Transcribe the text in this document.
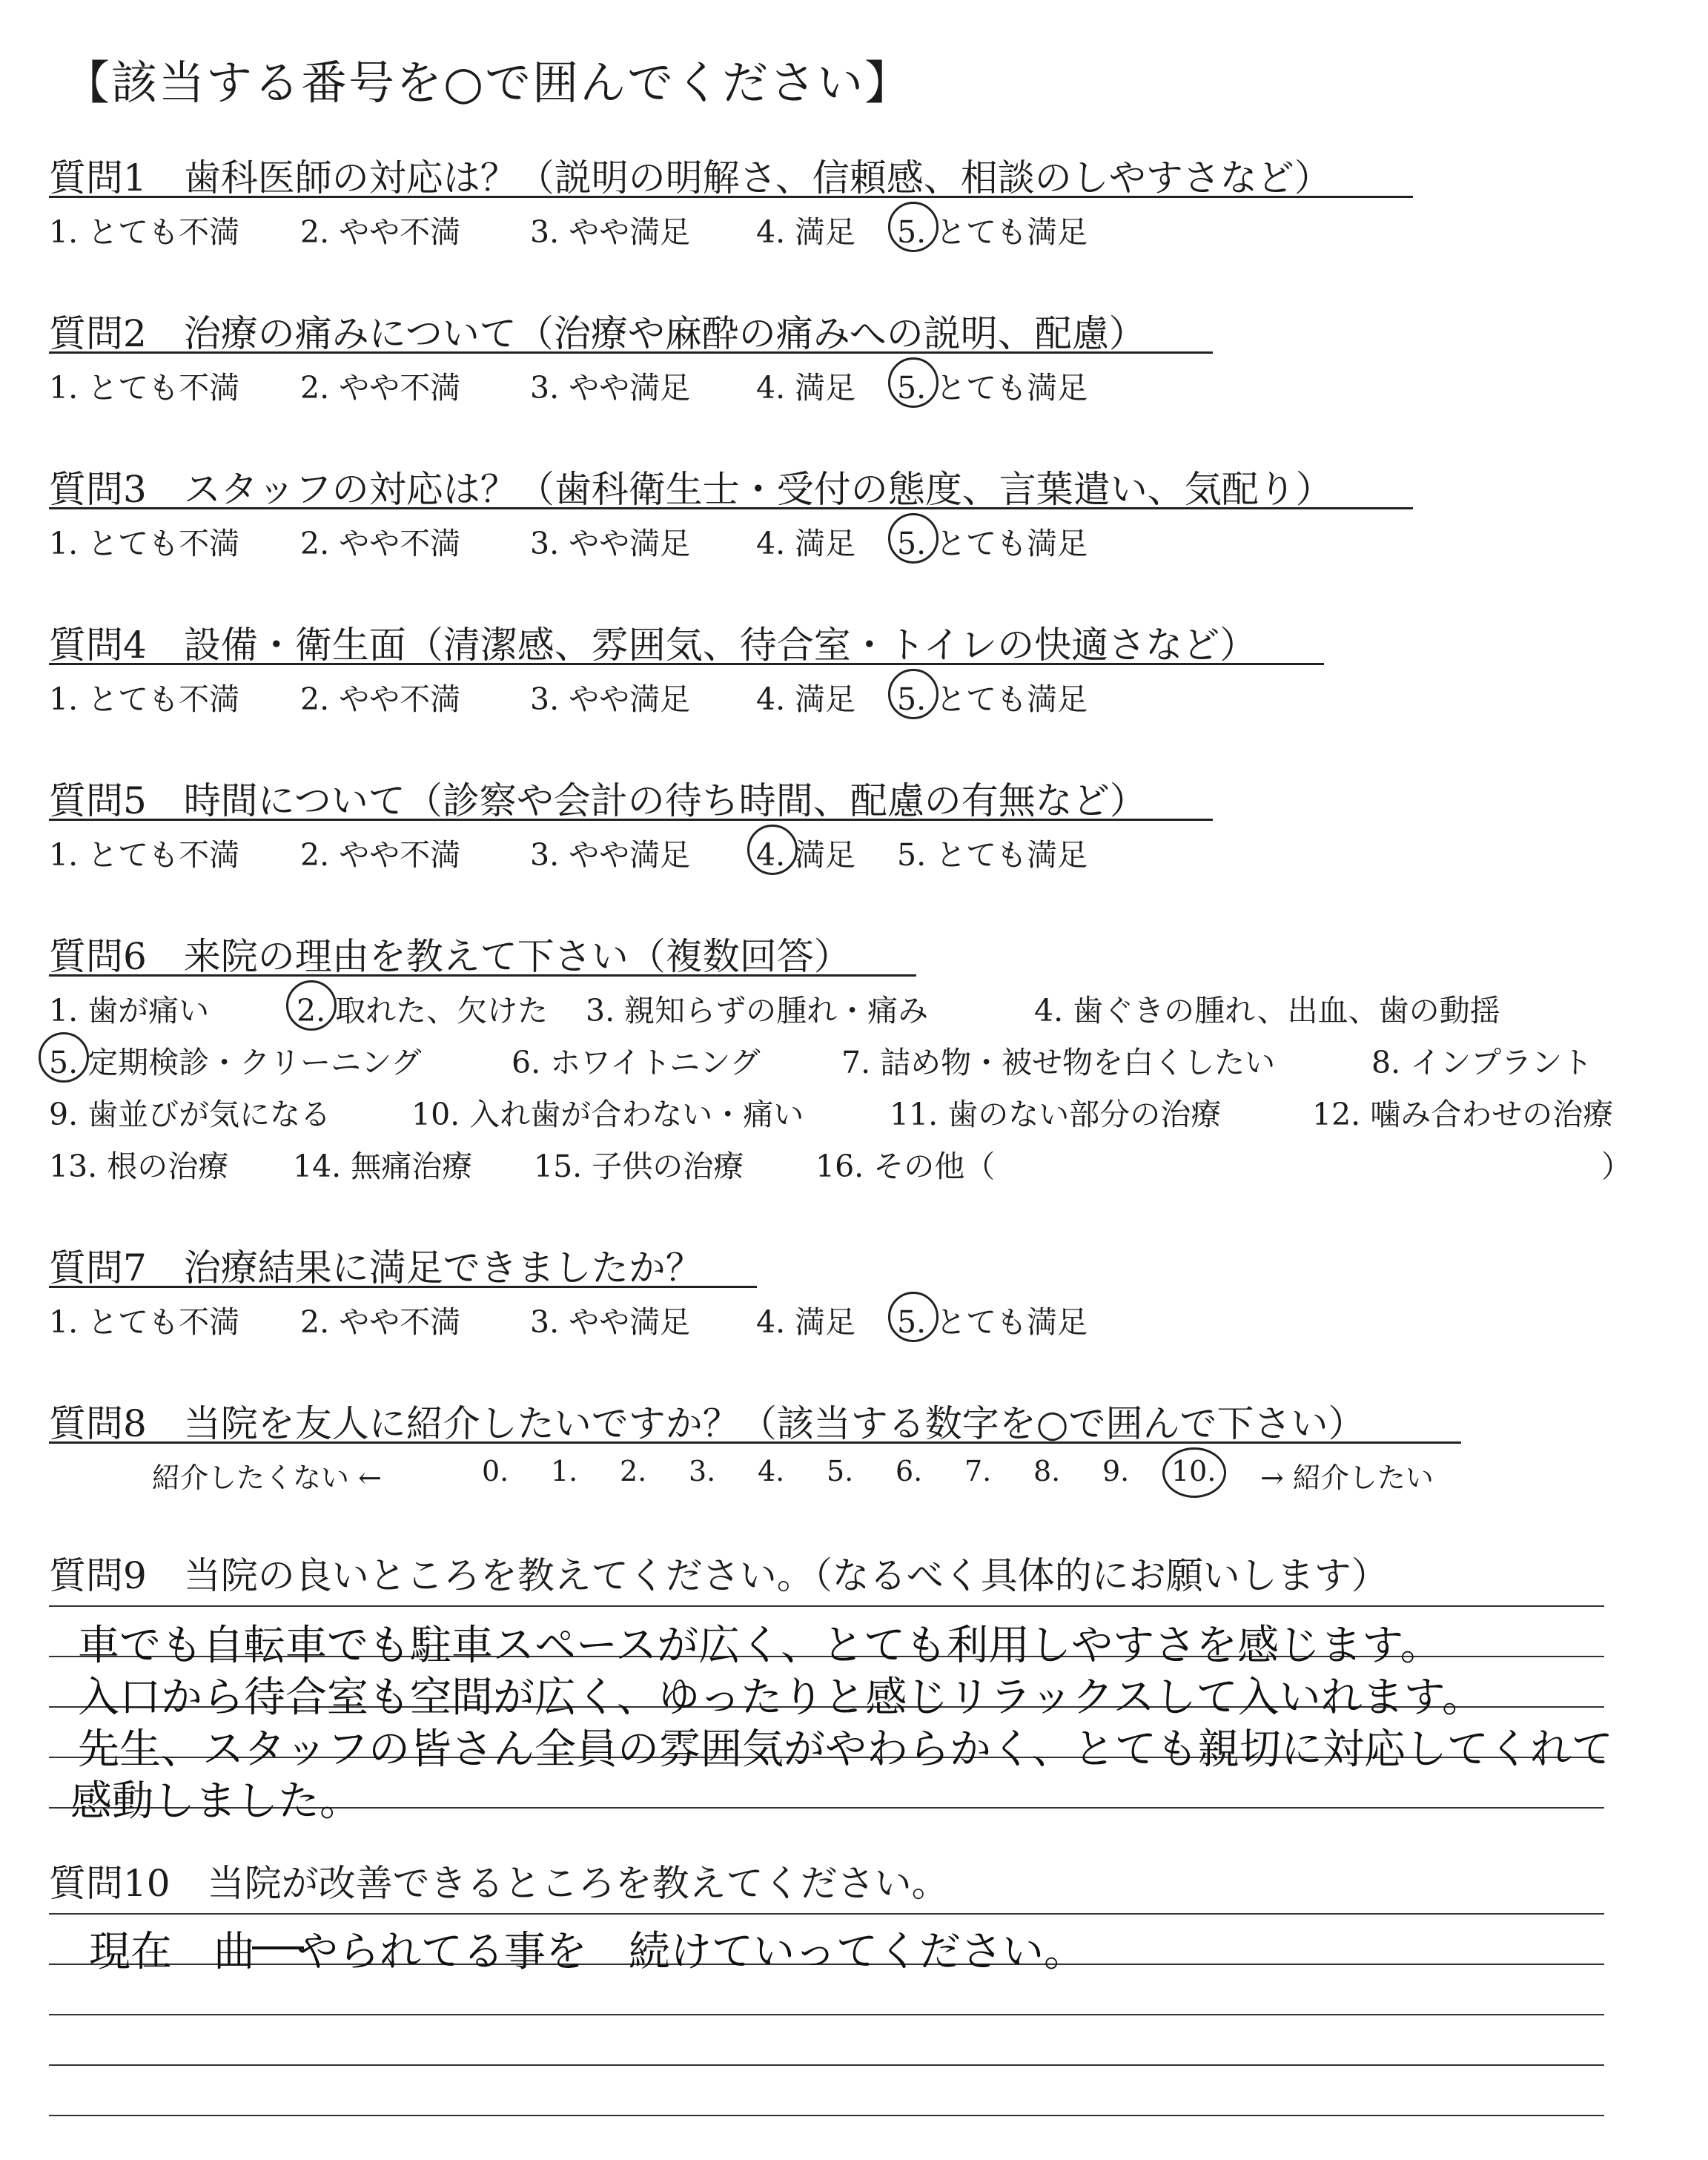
【該当する番号を○で囲んでください】
質問1　歯科医師の対応は？（説明の明解さ、信頼感、相談のしやすさなど）
1. とても不満 2. やや不満 3. やや満足 4. 満足 5. とても満足
質問2　治療の痛みについて（治療や麻酔の痛みへの説明、配慮）
1. とても不満 2. やや不満 3. やや満足 4. 満足 5. とても満足
質問3　スタッフの対応は？（歯科衛生士・受付の態度、言葉遣い、気配り）
1. とても不満 2. やや不満 3. やや満足 4. 満足 5. とても満足
質問4　設備・衛生面（清潔感、雰囲気、待合室・トイレの快適さなど）
1. とても不満 2. やや不満 3. やや満足 4. 満足 5. とても満足
質問5　時間について（診察や会計の待ち時間、配慮の有無など）
1. とても不満 2. やや不満 3. やや満足 4. 満足 5. とても満足
質問6　来院の理由を教えて下さい（複数回答）
1. 歯が痛い	2. 取れた、欠けた 3. 親知らずの腫れ・痛み	4. 歯ぐきの腫れ、出血、歯の動揺
5. 定期検診・クリーニング	6. ホワイトニング	7. 詰め物・被せ物を白くしたい	8. インプラント
9. 歯並びが気になる	10. 入れ歯が合わない・痛い	11. 歯のない部分の治療	12. 噛み合わせの治療
13. 根の治療 14. 無痛治療 15. 子供の治療 16. その他（	）
質問7　治療結果に満足できましたか？
1. とても不満 2. やや不満 3. やや満足 4. 満足 5. とても満足
質問8　当院を友人に紹介したいですか？（該当する数字を○で囲んで下さい）
紹介したくない ←	0. 1. 2. 3. 4. 5. 6. 7. 8. 9. 10. → 紹介したい
質問9　当院の良いところを教えてください。（なるべく具体的にお願いします）
車でも自転車でも駐車スペースが広く、とても利用しやすさを感じます。
入口から待合室も空間が広く、ゆったりと感じリラックスして入いれます。
先生、スタッフの皆さん全員の雰囲気がやわらかく、とても親切に対応してくれて
感動しました。
質問10　当院が改善できるところを教えてください。
現在　曲　やられてる事を　続けていってください。
